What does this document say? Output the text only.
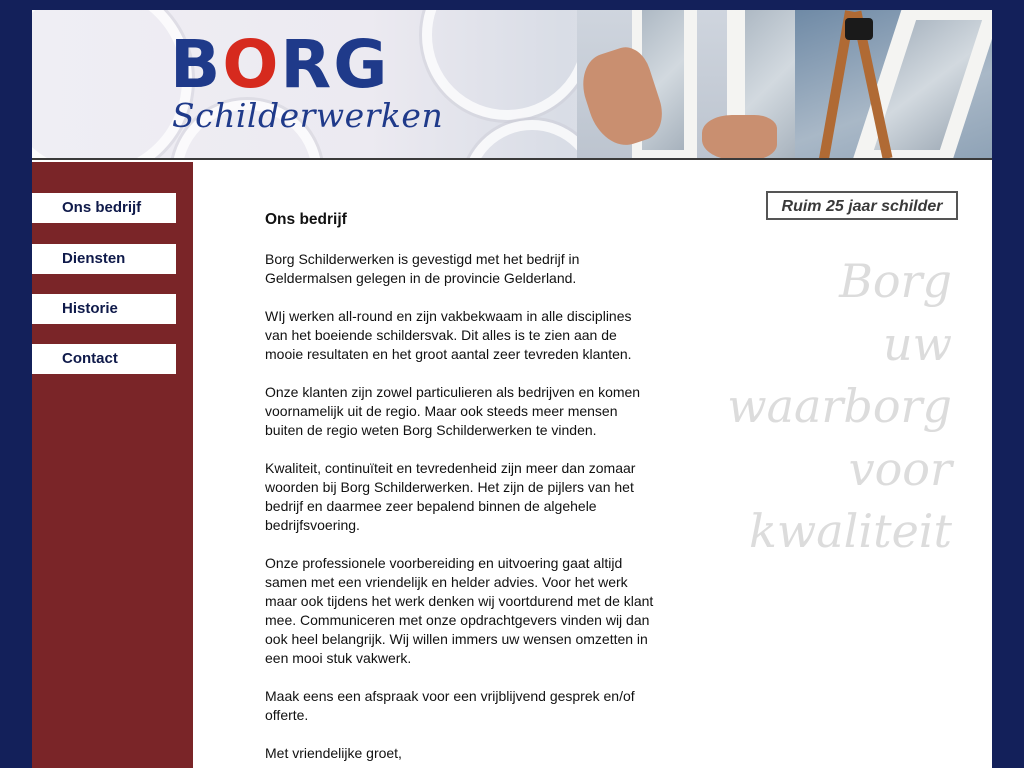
BORG
Schilderwerken
Ons bedrijf
Diensten
Historie
Contact
Ons bedrijf

Borg Schilderwerken is gevestigd met het bedrijf in Geldermalsen gelegen in de provincie Gelderland.

WIj werken all-round en zijn vakbekwaam in alle disciplines van het boeiende schildersvak. Dit alles is te zien aan de mooie resultaten en het groot aantal zeer tevreden klanten.

Onze klanten zijn zowel particulieren als bedrijven en komen voornamelijk uit de regio. Maar ook steeds meer mensen buiten de regio weten Borg Schilderwerken te vinden.

Kwaliteit, continuïteit en tevredenheid zijn meer dan zomaar woorden bij Borg Schilderwerken. Het zijn de pijlers van het bedrijf en daarmee zeer bepalend binnen de algehele bedrijfsvoering.

Onze professionele voorbereiding en uitvoering gaat altijd samen met een vriendelijk en helder advies. Voor het werk maar ook tijdens het werk denken wij voortdurend met de klant mee. Communiceren met onze opdrachtgevers vinden wij dan ook heel belangrijk. Wij willen immers uw wensen omzetten in een mooi stuk vakwerk.

Maak eens een afspraak voor een vrijblijvend gesprek en/of offerte.

Met vriendelijke groet,

Ruim 25 jaar schilder
Borg
uw
waarborg
voor
kwaliteit
